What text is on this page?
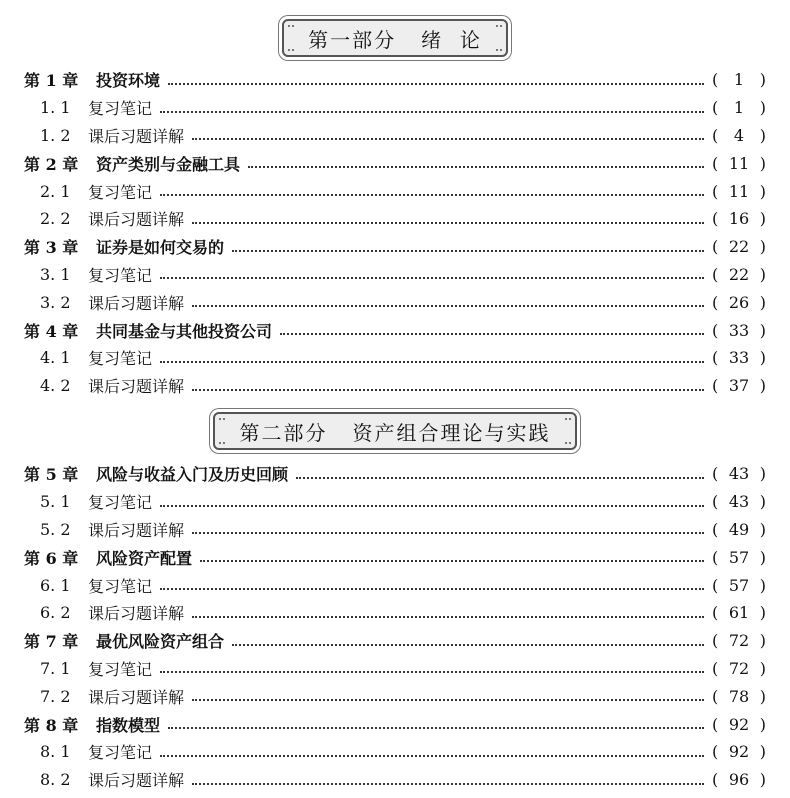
第一部分   绪  论
第 1 章	投资环境	( 1 )
1. 1	复习笔记	( 1 )
1. 2	课后习题详解	( 4 )
第 2 章	资产类别与金融工具	( 11 )
2. 1	复习笔记	( 11 )
2. 2	课后习题详解	( 16 )
第 3 章	证券是如何交易的	( 22 )
3. 1	复习笔记	( 22 )
3. 2	课后习题详解	( 26 )
第 4 章	共同基金与其他投资公司	( 33 )
4. 1	复习笔记	( 33 )
4. 2	课后习题详解	( 37 )
第二部分   资产组合理论与实践
第 5 章	风险与收益入门及历史回顾	( 43 )
5. 1	复习笔记	( 43 )
5. 2	课后习题详解	( 49 )
第 6 章	风险资产配置	( 57 )
6. 1	复习笔记	( 57 )
6. 2	课后习题详解	( 61 )
第 7 章	最优风险资产组合	( 72 )
7. 1	复习笔记	( 72 )
7. 2	课后习题详解	( 78 )
第 8 章	指数模型	( 92 )
8. 1	复习笔记	( 92 )
8. 2	课后习题详解	( 96 )
